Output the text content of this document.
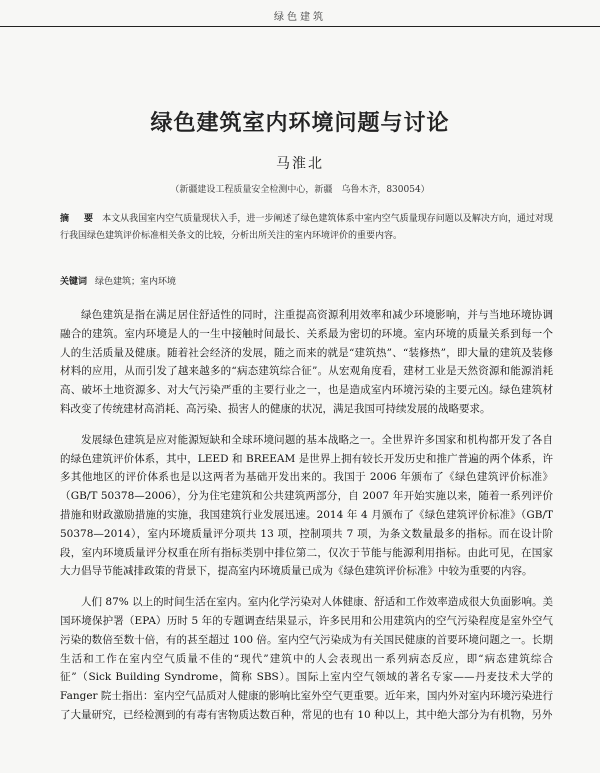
绿色建筑
绿色建筑室内环境问题与讨论
马淮北
（新疆建设工程质量安全检测中心，新疆　乌鲁木齐，830054）
摘　要 本文从我国室内空气质量现状入手，进一步阐述了绿色建筑体系中室内空气质量现存问题以及解决方向，通过对现行我国绿色建筑评价标准相关条文的比较，分析出所关注的室内环境评价的重要内容。
关键词 绿色建筑；室内环境

绿色建筑是指在满足居住舒适性的同时，注重提高资源利用效率和减少环境影响，并与当地环境协调融合的建筑。室内环境是人的一生中接触时间最长、关系最为密切的环境。室内环境的质量关系到每一个人的生活质量及健康。随着社会经济的发展，随之而来的就是“建筑热”、“装修热”，即大量的建筑及装修材料的应用，从而引发了越来越多的“病态建筑综合征”。从宏观角度看，建材工业是天然资源和能源消耗高、破坏土地资源多、对大气污染严重的主要行业之一，也是造成室内环境污染的主要元凶。绿色建筑材料改变了传统建材高消耗、高污染、损害人的健康的状况，满足我国可持续发展的战略要求。

发展绿色建筑是应对能源短缺和全球环境问题的基本战略之一。全世界许多国家和机构都开发了各自的绿色建筑评价体系，其中，LEED 和 BREEAM 是世界上拥有较长开发历史和推广普遍的两个体系，许多其他地区的评价体系也是以这两者为基础开发出来的。我国于 2006 年颁布了《绿色建筑评价标准》（GB/T 50378—2006），分为住宅建筑和公共建筑两部分，自 2007 年开始实施以来，随着一系列评价措施和财政激励措施的实施，我国建筑行业发展迅速。2014 年 4 月颁布了《绿色建筑评价标准》（GB/T 50378—2014），室内环境质量评分项共 13 项，控制项共 7 项，为条文数量最多的指标。而在设计阶段，室内环境质量评分权重在所有指标类别中排位第二，仅次于节能与能源利用指标。由此可见，在国家大力倡导节能减排政策的背景下，提高室内环境质量已成为《绿色建筑评价标准》中较为重要的内容。

人们 87% 以上的时间生活在室内。室内化学污染对人体健康、舒适和工作效率造成很大负面影响。美国环境保护署（EPA）历时 5 年的专题调查结果显示，许多民用和公用建筑内的空气污染程度是室外空气污染的数倍至数十倍，有的甚至超过 100 倍。室内空气污染成为有关国民健康的首要环境问题之一。长期生活和工作在室内空气质量不佳的“现代”建筑中的人会表现出一系列病态反应，即“病态建筑综合征”（Sick Building Syndrome，简称 SBS）。国际上室内空气领域的著名专家——丹麦技术大学的 Fanger 院士指出：室内空气品质对人健康的影响比室外空气更重要。近年来，国内外对室内环境污染进行了大量研究，已经检测到的有毒有害物质达数百种，常见的也有 10 种以上，其中绝大部分为有机物，另外
